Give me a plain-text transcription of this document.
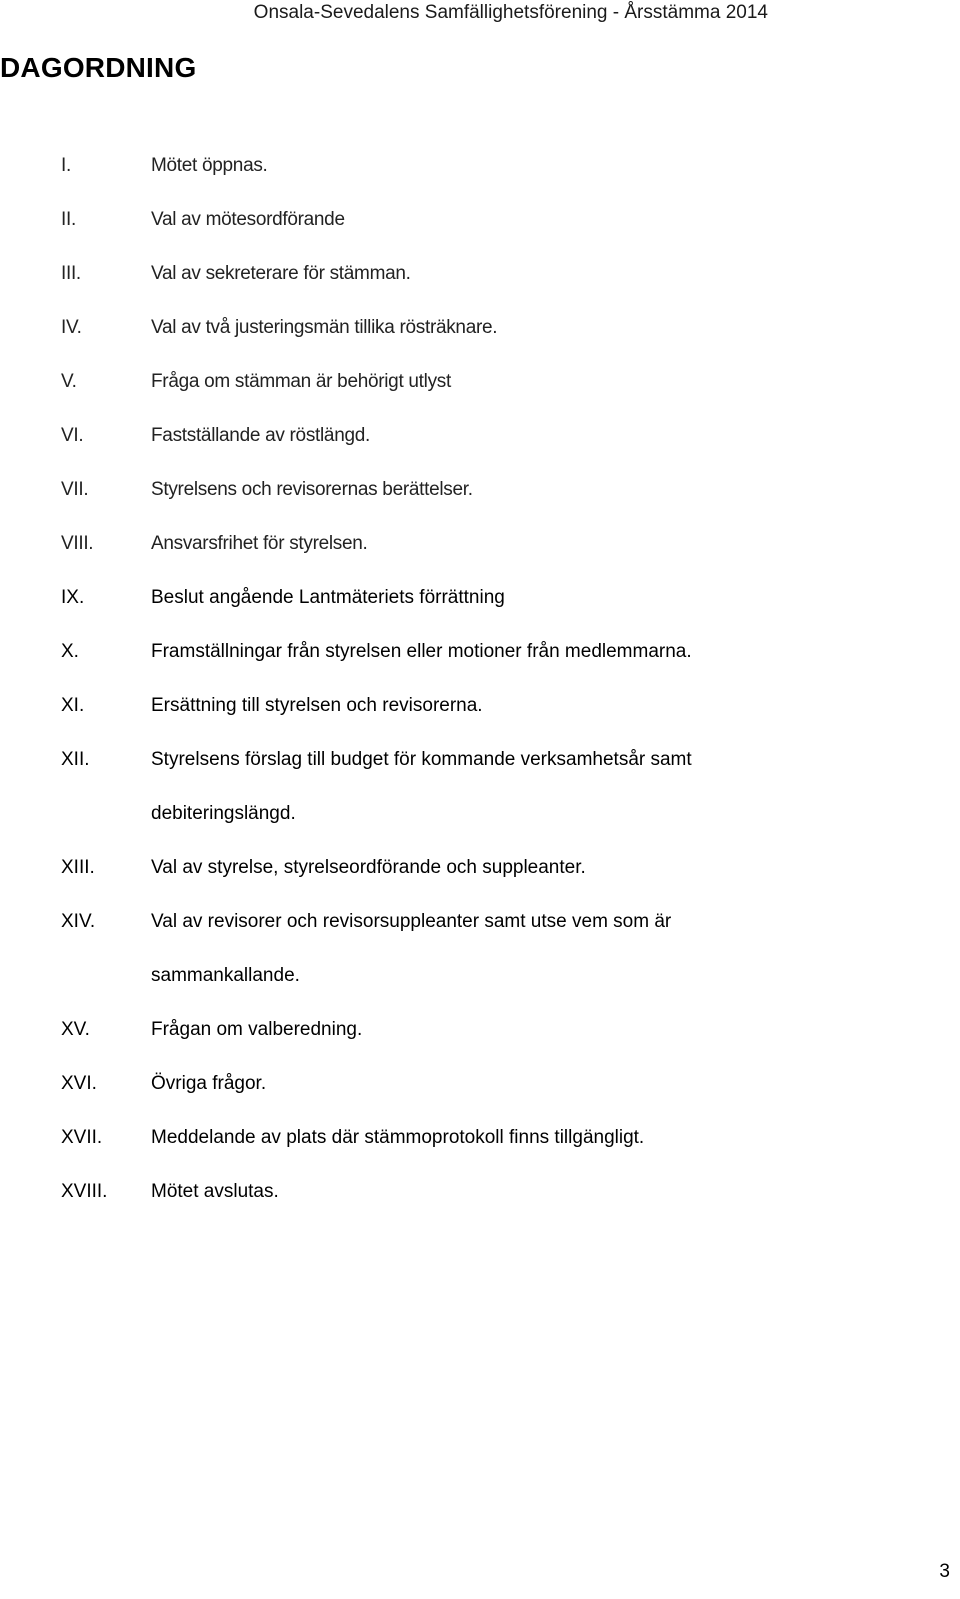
Onsala-Sevedalens Samfällighetsförening - Årsstämma 2014
DAGORDNING
I.	Mötet öppnas.
II.	Val av mötesordförande
III.	Val av sekreterare för stämman.
IV.	Val av två justeringsmän tillika rösträknare.
V.	Fråga om stämman är behörigt utlyst
VI.	Fastställande av röstlängd.
VII.	Styrelsens och revisorernas berättelser.
VIII.	Ansvarsfrihet för styrelsen.
IX.	Beslut angående Lantmäteriets förrättning
X.	Framställningar från styrelsen eller motioner från medlemmarna.
XI.	Ersättning till styrelsen och revisorerna.
XII.	Styrelsens förslag till budget för kommande verksamhetsår samt
debiteringslängd.
XIII.	Val av styrelse, styrelseordförande och suppleanter.
XIV.	Val av revisorer och revisorsuppleanter samt utse vem som är
sammankallande.
XV.	Frågan om valberedning.
XVI.	Övriga frågor.
XVII.	Meddelande av plats där stämmoprotokoll finns tillgängligt.
XVIII. Mötet avslutas.
3
